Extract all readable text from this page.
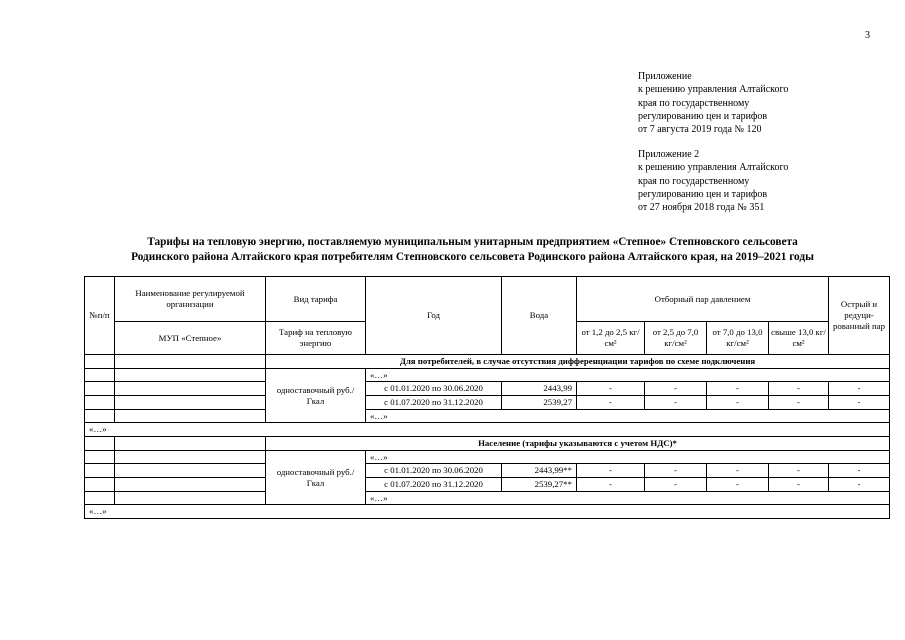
3
Приложение
к решению управления Алтайского
края по государственному
регулированию цен и тарифов
от 7 августа 2019 года № 120
Приложение 2
к решению управления Алтайского
края по государственному
регулированию цен и тарифов
от 27 ноября 2018 года № 351
Тарифы на тепловую энергию, поставляемую муниципальным унитарным предприятием «Степное» Степновского сельсовета
Родинского района Алтайского края потребителям Степновского сельсовета Родинского района Алтайского края, на 2019–2021 годы
№п/п	Наименование регулируемой организации	Вид тарифа	Год	Вода	Отборный пар давлением				Острый и редуци-рованный пар
	МУП «Степное»	Тариф на тепловую энергию			от 1,2 до 2,5 кг/см²	от 2,5 до 7,0 кг/см²	от 7,0 до 13,0 кг/см²	свыше 13,0 кг/см²	
		Для потребителей, в случае отсутствия дифференциации тарифов по схеме подключения							
		одноставочный руб./Гкал	«…»						
			с 01.01.2020 по 30.06.2020	2443,99	-	-	-	-	-
			с 01.07.2020 по 31.12.2020	2539,27	-	-	-	-	-
			«…»						
«…»									
		Население (тарифы указываются с учетом НДС)*							
		одноставочный руб./Гкал	«…»						
			с 01.01.2020 по 30.06.2020	2443,99**	-	-	-	-	-
			с 01.07.2020 по 31.12.2020	2539,27**	-	-	-	-	-
			«…»						
«…»									
